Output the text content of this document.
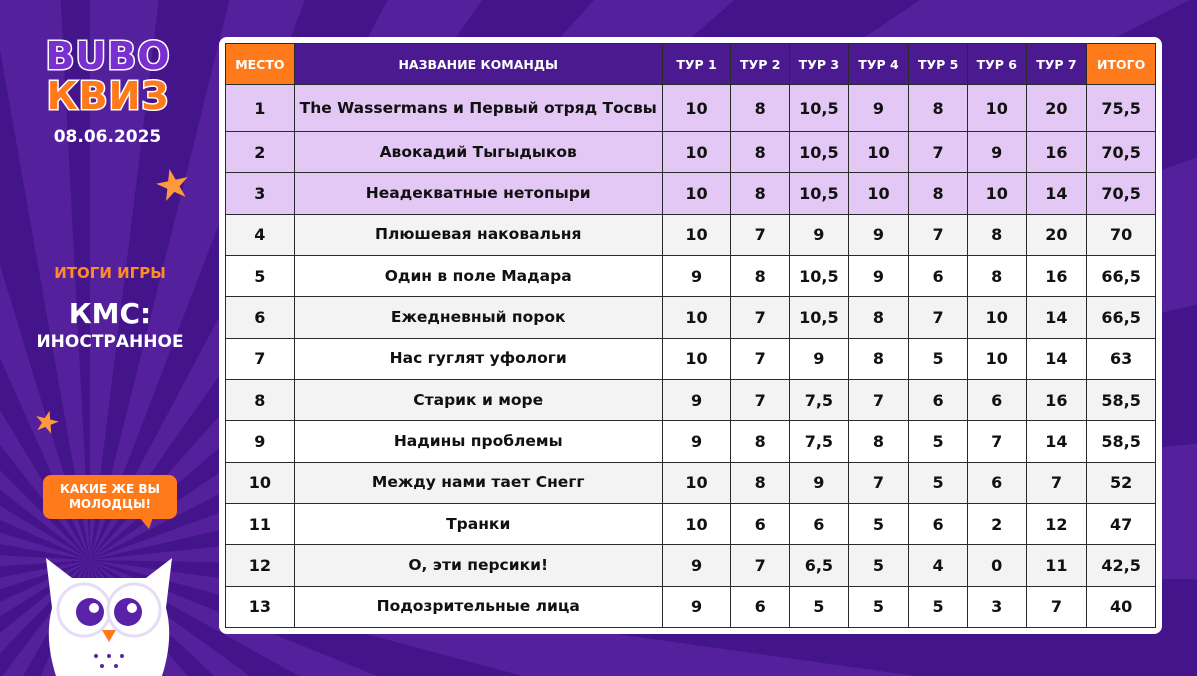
BUBO
КВИЗ
08.06.2025
★
ИТОГИ ИГРЫ
КМС:
ИНОСТРАННОЕ
★
КАКИЕ ЖЕ ВЫ
МОЛОДЦЫ!
МЕСТО	НАЗВАНИЕ КОМАНДЫ	ТУР 1	ТУР 2	ТУР 3	ТУР 4	ТУР 5	ТУР 6	ТУР 7	ИТОГО
1	The Wassermans и Первый отряд Тосвы	10	8	10,5	9	8	10	20	75,5
2	Авокадий Тыгыдыков	10	8	10,5	10	7	9	16	70,5
3	Неадекватные нетопыри	10	8	10,5	10	8	10	14	70,5
4	Плюшевая наковальня	10	7	9	9	7	8	20	70
5	Один в поле Мадара	9	8	10,5	9	6	8	16	66,5
6	Ежедневный порок	10	7	10,5	8	7	10	14	66,5
7	Нас гуглят уфологи	10	7	9	8	5	10	14	63
8	Старик и море	9	7	7,5	7	6	6	16	58,5
9	Надины проблемы	9	8	7,5	8	5	7	14	58,5
10	Между нами тает Снегг	10	8	9	7	5	6	7	52
11	Транки	10	6	6	5	6	2	12	47
12	О, эти персики!	9	7	6,5	5	4	0	11	42,5
13	Подозрительные лица	9	6	5	5	5	3	7	40
